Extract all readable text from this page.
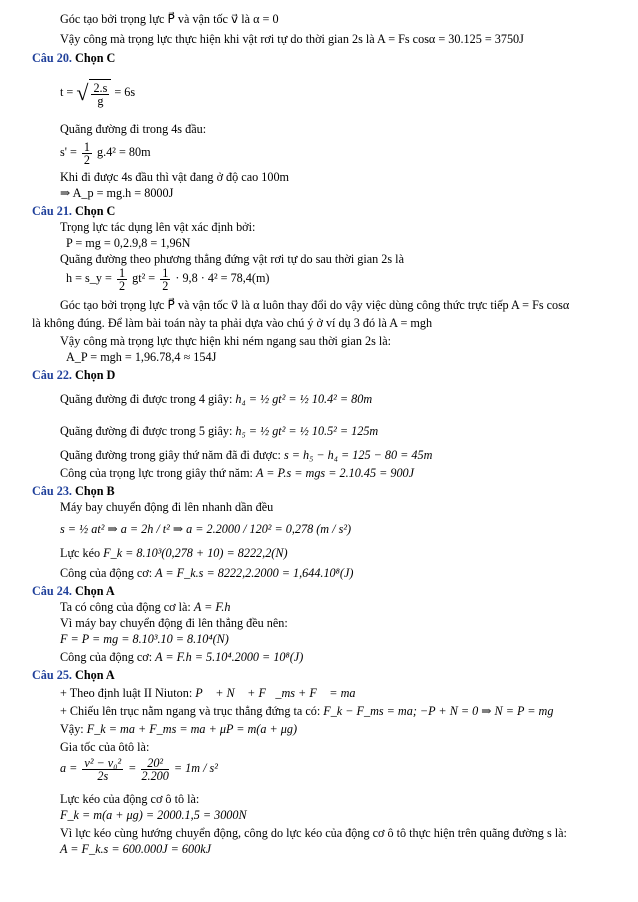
Góc tạo bởi trọng lực P⃗ và vận tốc v⃗ là α = 0
Vậy công mà trọng lực thực hiện khi vật rơi tự do thời gian 2s là A = Fs cosα = 30.125 = 3750J
Câu 20. Chọn C
t = √ $\frac{2.s}{g} = 6s$
Quãng đường đi trong 4s đầu:
$s' = \frac{1}{2} g.4^2 = 80m$
Khi đi được 4s đầu thì vật đang ở độ cao 100m
⇒ A_p = mg.h = 8000J
Câu 21. Chọn C
Trọng lực tác dụng lên vật xác định bởi:
P = mg = 0,2.9,8 = 1,96N
Quãng đường theo phương thẳng đứng vật rơi tự do sau thời gian 2s là
h = s_y = $\frac{1}{2} gt^2 = \frac{1}{2} \cdot 9,8 \cdot 4^2 = 78,4(m)$
Góc tạo bởi trọng lực P⃗ và vận tốc v⃗ là α luôn thay đổi do vậy việc dùng công thức trực tiếp A = Fs cosα
là không đúng. Để làm bài toán này ta phải dựa vào chú ý ở ví dụ 3 đó là A = mgh
Vậy công mà trọng lực thực hiện khi ném ngang sau thời gian 2s là:
A_P = mgh = 1,96.78,4 ≈ 154J
Câu 22. Chọn D
Quãng đường đi được trong 4 giây: h₄ = ½ gt² = ½ 10.4² = 80m
Quãng đường đi được trong 5 giây: h₅ = ½ gt² = ½ 10.5² = 125m
Quãng đường trong giây thứ năm đã đi được: s = h₅ − h₄ = 125 − 80 = 45m
Công của trọng lực trong giây thứ năm: A = P.s = mgs = 2.10.45 = 900J
Câu 23. Chọn B
Máy bay chuyển động đi lên nhanh dần đều
s = ½ at² ⇒ a = 2h / t² ⇒ a = 2.2000 / 120² = 0,278 (m / s²)
Lực kéo F_k = 8.10³(0,278 + 10) = 8222,2(N)
Công của động cơ: A = F_k.s = 8222,2.2000 = 1,644.10⁸(J)
Câu 24. Chọn A
Ta có công của động cơ là: A = F.h
Vì máy bay chuyển động đi lên thẳng đều nên:
F = P = mg = 8.10³.10 = 8.10⁴(N)
Công của động cơ: A = F.h = 5.10⁴.2000 = 10⁸(J)
Câu 25. Chọn A
+ Theo định luật II Niuton: P⃗ + N⃗ + F⃗_ms + F⃗ = ma⃗
+ Chiếu lên trục nằm ngang và trục thẳng đứng ta có: F_k − F_ms = ma; −P + N = 0 ⇒ N = P = mg
Vậy: F_k = ma + F_ms = ma + μP = m(a + μg)
Gia tốc của ôtô là:
$a = \frac{\text{v² − v₀²}}{2s} = \frac{\text{20²}}{2.200} = 1m / s^2$
Lực kéo của động cơ ô tô là:
F_k = m(a + μg) = 2000.1,5 = 3000N
Vì lực kéo cùng hướng chuyển động, công do lực kéo của động cơ ô tô thực hiện trên quãng đường s là:
A = F_k.s = 600.000J = 600kJ
